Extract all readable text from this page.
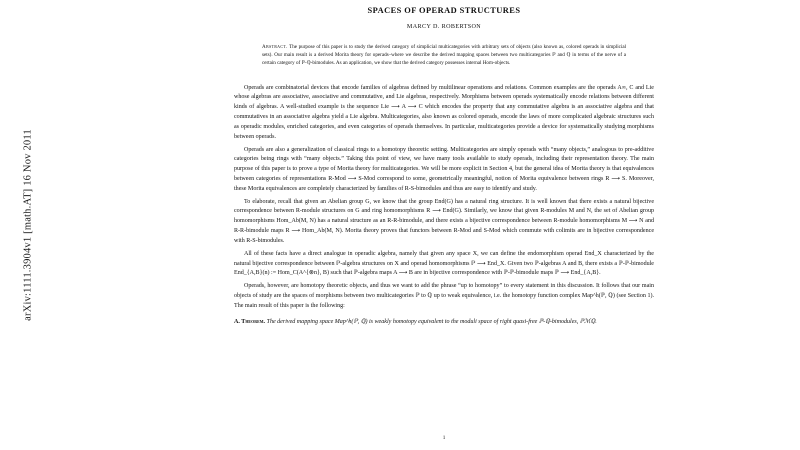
arXiv:1111.3904v1 [math.AT] 16 Nov 2011
SPACES OF OPERAD STRUCTURES
MARCY D. ROBERTSON
Abstract. The purpose of this paper is to study the derived category of simplicial multicategories with arbitrary sets of objects (also known as, colored operads in simplicial sets). Our main result is a derived Morita theory for operads–where we describe the derived mapping spaces between two multicategories ℙ and ℚ in terms of the nerve of a certain category of ℙ-ℚ-bimodules. As an application, we show that the derived category possesses internal Hom-objects.

Operads are combinatorial devices that encode families of algebras defined by multilinear operations and relations. Common examples are the operads A∞, C and Lie whose algebras are associative, associative and commutative, and Lie algebras, respectively. Morphisms between operads systematically encode relations between different kinds of algebras. A well-studied example is the sequence Lie ⟶ A ⟶ C which encodes the property that any commutative algebra is an associative algebra and that commutatives in an associative algebra yield a Lie algebra. Multicategories, also known as colored operads, encode the laws of more complicated algebraic structures such as operadic modules, enriched categories, and even categories of operads themselves. In particular, multicategories provide a device for systematically studying morphisms between operads.

Operads are also a generalization of classical rings to a homotopy theoretic setting. Multicategories are simply operads with “many objects,” analogous to pre-additive categories being rings with “many objects.” Taking this point of view, we have many tools available to study operads, including their representation theory. The main purpose of this paper is to prove a type of Morita theory for multicategories. We will be more explicit in Section 4, but the general idea of Morita theory is that equivalences between categories of representations R-Mod ⟶ S-Mod correspond to some, geometrically meaningful, notion of Morita equivalence between rings R ⟶ S. Moreover, these Morita equivalences are completely characterized by families of R-S-bimodules and thus are easy to identify and study.

To elaborate, recall that given an Abelian group G, we know that the group End(G) has a natural ring structure. It is well known that there exists a natural bijective correspondence between R-module structures on G and ring homomorphisms R ⟶ End(G). Similarly, we know that given R-modules M and N, the set of Abelian group homomorphisms Hom_Ab(M, N) has a natural structure as an R-R-bimodule, and there exists a bijective correspondence between R-module homomorphisms M ⟶ N and R-R-bimodule maps R ⟶ Hom_Ab(M, N). Morita theory proves that functors between R-Mod and S-Mod which commute with colimits are in bijective correspondence with R-S-bimodules.

All of these facts have a direct analogue in operadic algebra, namely that given any space X, we can define the endomorphism operad End_X characterized by the natural bijective correspondence between ℙ-algebra structures on X and operad homomorphisms ℙ ⟶ End_X. Given two ℙ-algebras A and B, there exists a ℙ-ℙ-bimodule End_{A,B}(n) := Hom_C(A^{⊗n}, B) such that ℙ-algebra maps A ⟶ B are in bijective correspondence with ℙ-ℙ-bimodule maps ℙ ⟶ End_{A,B}.

Operads, however, are homotopy theoretic objects, and thus we want to add the phrase “up to homotopy” to every statement in this discussion. It follows that our main objects of study are the spaces of morphisms between two multicategories ℙ to ℚ up to weak equivalence, i.e. the homotopy function complex Map^h(ℙ, ℚ) (see Section 1). The main result of this paper is the following:

A. Theorem. The derived mapping space Map^h(ℙ, ℚ) is weakly homotopy equivalent to the moduli space of right quasi-free ℙ-ℚ-bimodules, ℙℳℚ.
1
